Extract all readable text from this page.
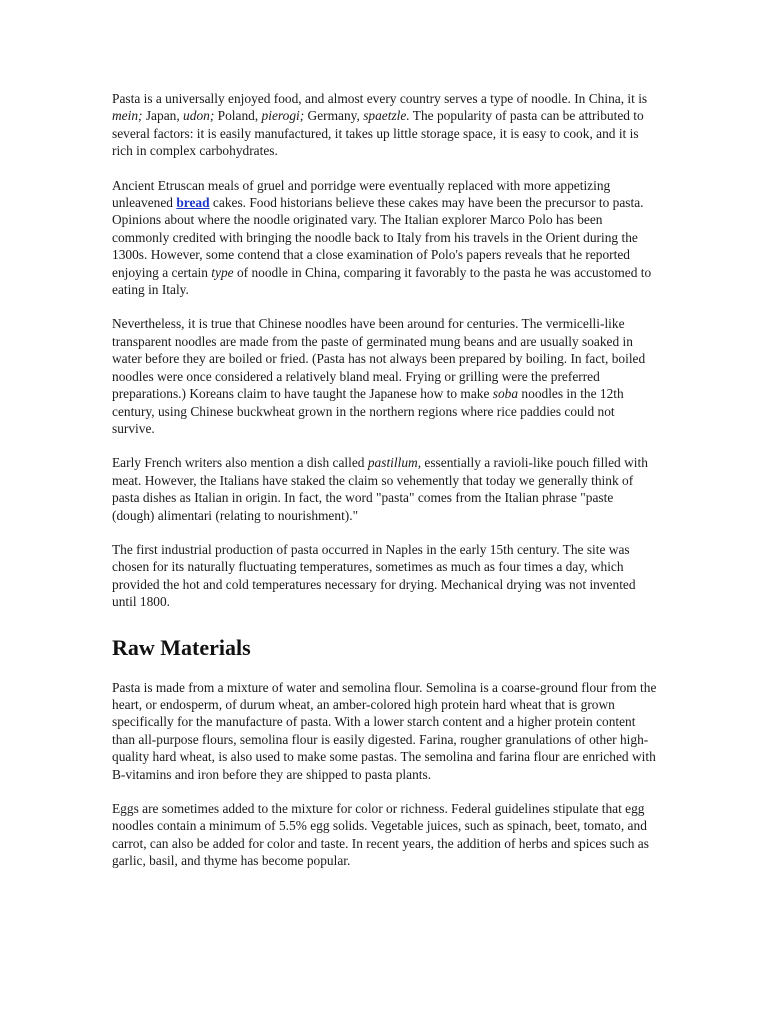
Pasta is a universally enjoyed food, and almost every country serves a type of noodle. In China, it is mein; Japan, udon; Poland, pierogi; Germany, spaetzle. The popularity of pasta can be attributed to several factors: it is easily manufactured, it takes up little storage space, it is easy to cook, and it is rich in complex carbohydrates.

Ancient Etruscan meals of gruel and porridge were eventually replaced with more appetizing unleavened bread cakes. Food historians believe these cakes may have been the precursor to pasta. Opinions about where the noodle originated vary. The Italian explorer Marco Polo has been commonly credited with bringing the noodle back to Italy from his travels in the Orient during the 1300s. However, some contend that a close examination of Polo's papers reveals that he reported enjoying a certain type of noodle in China, comparing it favorably to the pasta he was accustomed to eating in Italy.

Nevertheless, it is true that Chinese noodles have been around for centuries. The vermicelli-like transparent noodles are made from the paste of germinated mung beans and are usually soaked in water before they are boiled or fried. (Pasta has not always been prepared by boiling. In fact, boiled noodles were once considered a relatively bland meal. Frying or grilling were the preferred preparations.) Koreans claim to have taught the Japanese how to make soba noodles in the 12th century, using Chinese buckwheat grown in the northern regions where rice paddies could not survive.

Early French writers also mention a dish called pastillum, essentially a ravioli-like pouch filled with meat. However, the Italians have staked the claim so vehemently that today we generally think of pasta dishes as Italian in origin. In fact, the word "pasta" comes from the Italian phrase "paste (dough) alimentari (relating to nourishment)."

The first industrial production of pasta occurred in Naples in the early 15th century. The site was chosen for its naturally fluctuating temperatures, sometimes as much as four times a day, which provided the hot and cold temperatures necessary for drying. Mechanical drying was not invented until 1800.

Raw Materials

Pasta is made from a mixture of water and semolina flour. Semolina is a coarse-ground flour from the heart, or endosperm, of durum wheat, an amber-colored high protein hard wheat that is grown specifically for the manufacture of pasta. With a lower starch content and a higher protein content than all-purpose flours, semolina flour is easily digested. Farina, rougher granulations of other high-quality hard wheat, is also used to make some pastas. The semolina and farina flour are enriched with B-vitamins and iron before they are shipped to pasta plants.

Eggs are sometimes added to the mixture for color or richness. Federal guidelines stipulate that egg noodles contain a minimum of 5.5% egg solids. Vegetable juices, such as spinach, beet, tomato, and carrot, can also be added for color and taste. In recent years, the addition of herbs and spices such as garlic, basil, and thyme has become popular.
